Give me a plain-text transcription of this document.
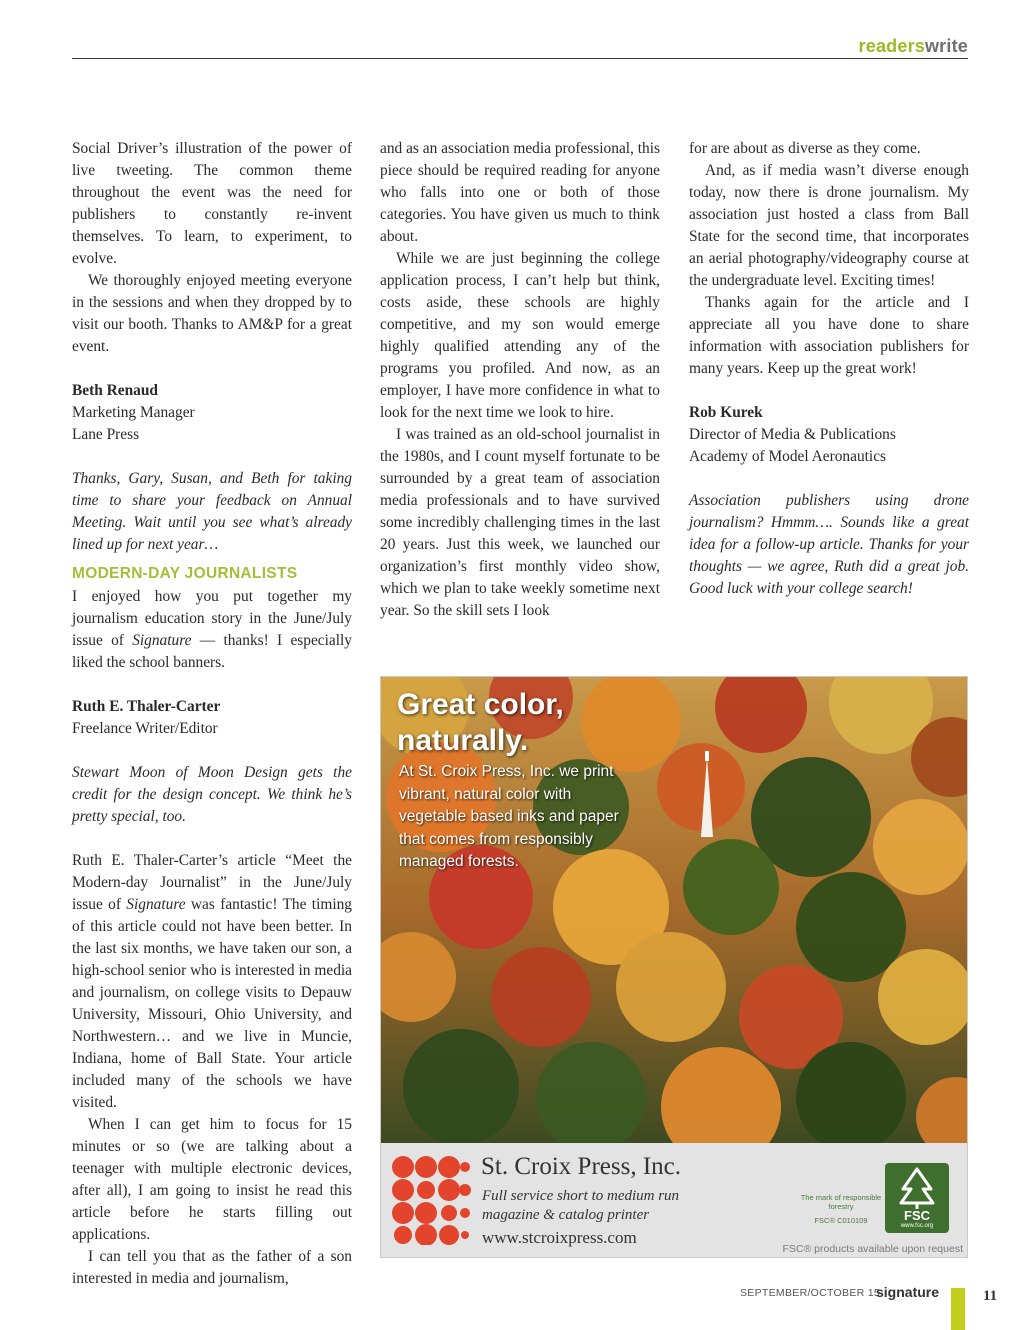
readerswrite

Social Driver’s illustration of the power of live tweeting. The common theme throughout the event was the need for publishers to constantly re-invent themselves. To learn, to experiment, to evolve.

We thoroughly enjoyed meeting everyone in the sessions and when they dropped by to visit our booth. Thanks to AM&P for a great event.

Beth Renaud
Marketing Manager
Lane Press

Thanks, Gary, Susan, and Beth for taking time to share your feedback on Annual Meeting. Wait until you see what’s already lined up for next year…

MODERN-DAY JOURNALISTS

I enjoyed how you put together my journalism education story in the June/July issue of Signature — thanks! I especially liked the school banners.

Ruth E. Thaler-Carter
Freelance Writer/Editor

Stewart Moon of Moon Design gets the credit for the design concept. We think he’s pretty special, too.

Ruth E. Thaler-Carter’s article “Meet the Modern-day Journalist” in the June/July issue of Signature was fantastic! The timing of this article could not have been better. In the last six months, we have taken our son, a high-school senior who is interested in media and journalism, on college visits to Depauw University, Missouri, Ohio University, and Northwestern… and we live in Muncie, Indiana, home of Ball State. Your article included many of the schools we have visited.

When I can get him to focus for 15 minutes or so (we are talking about a teenager with multiple electronic devices, after all), I am going to insist he read this article before he starts filling out applications.

I can tell you that as the father of a son interested in media and journalism,

and as an association media professional, this piece should be required reading for anyone who falls into one or both of those categories. You have given us much to think about.

While we are just beginning the college application process, I can’t help but think, costs aside, these schools are highly competitive, and my son would emerge highly qualified attending any of the programs you profiled. And now, as an employer, I have more confidence in what to look for the next time we look to hire.

I was trained as an old-school journalist in the 1980s, and I count myself fortunate to be surrounded by a great team of association media professionals and to have survived some incredibly challenging times in the last 20 years. Just this week, we launched our organization’s first monthly video show, which we plan to take weekly sometime next year. So the skill sets I look

for are about as diverse as they come.

And, as if media wasn’t diverse enough today, now there is drone journalism. My association just hosted a class from Ball State for the second time, that incorporates an aerial photography/videography course at the undergraduate level. Exciting times!

Thanks again for the article and I appreciate all you have done to share information with association publishers for many years. Keep up the great work!

Rob Kurek
Director of Media & Publications
Academy of Model Aeronautics

Association publishers using drone journalism? Hmmm…. Sounds like a great idea for a follow-up article. Thanks for your thoughts — we agree, Ruth did a great job. Good luck with your college search!

Great color, naturally.
At St. Croix Press, Inc. we print vibrant, natural color with vegetable based inks and paper that comes from responsibly managed forests.
St. Croix Press, Inc.
Full service short to medium run magazine & catalog printer
www.stcroixpress.com
The mark of responsible forestry
FSC® C010109	FSC
www.fsc.org
FSC® products available upon request
SEPTEMBER/OCTOBER 15
signature	11
